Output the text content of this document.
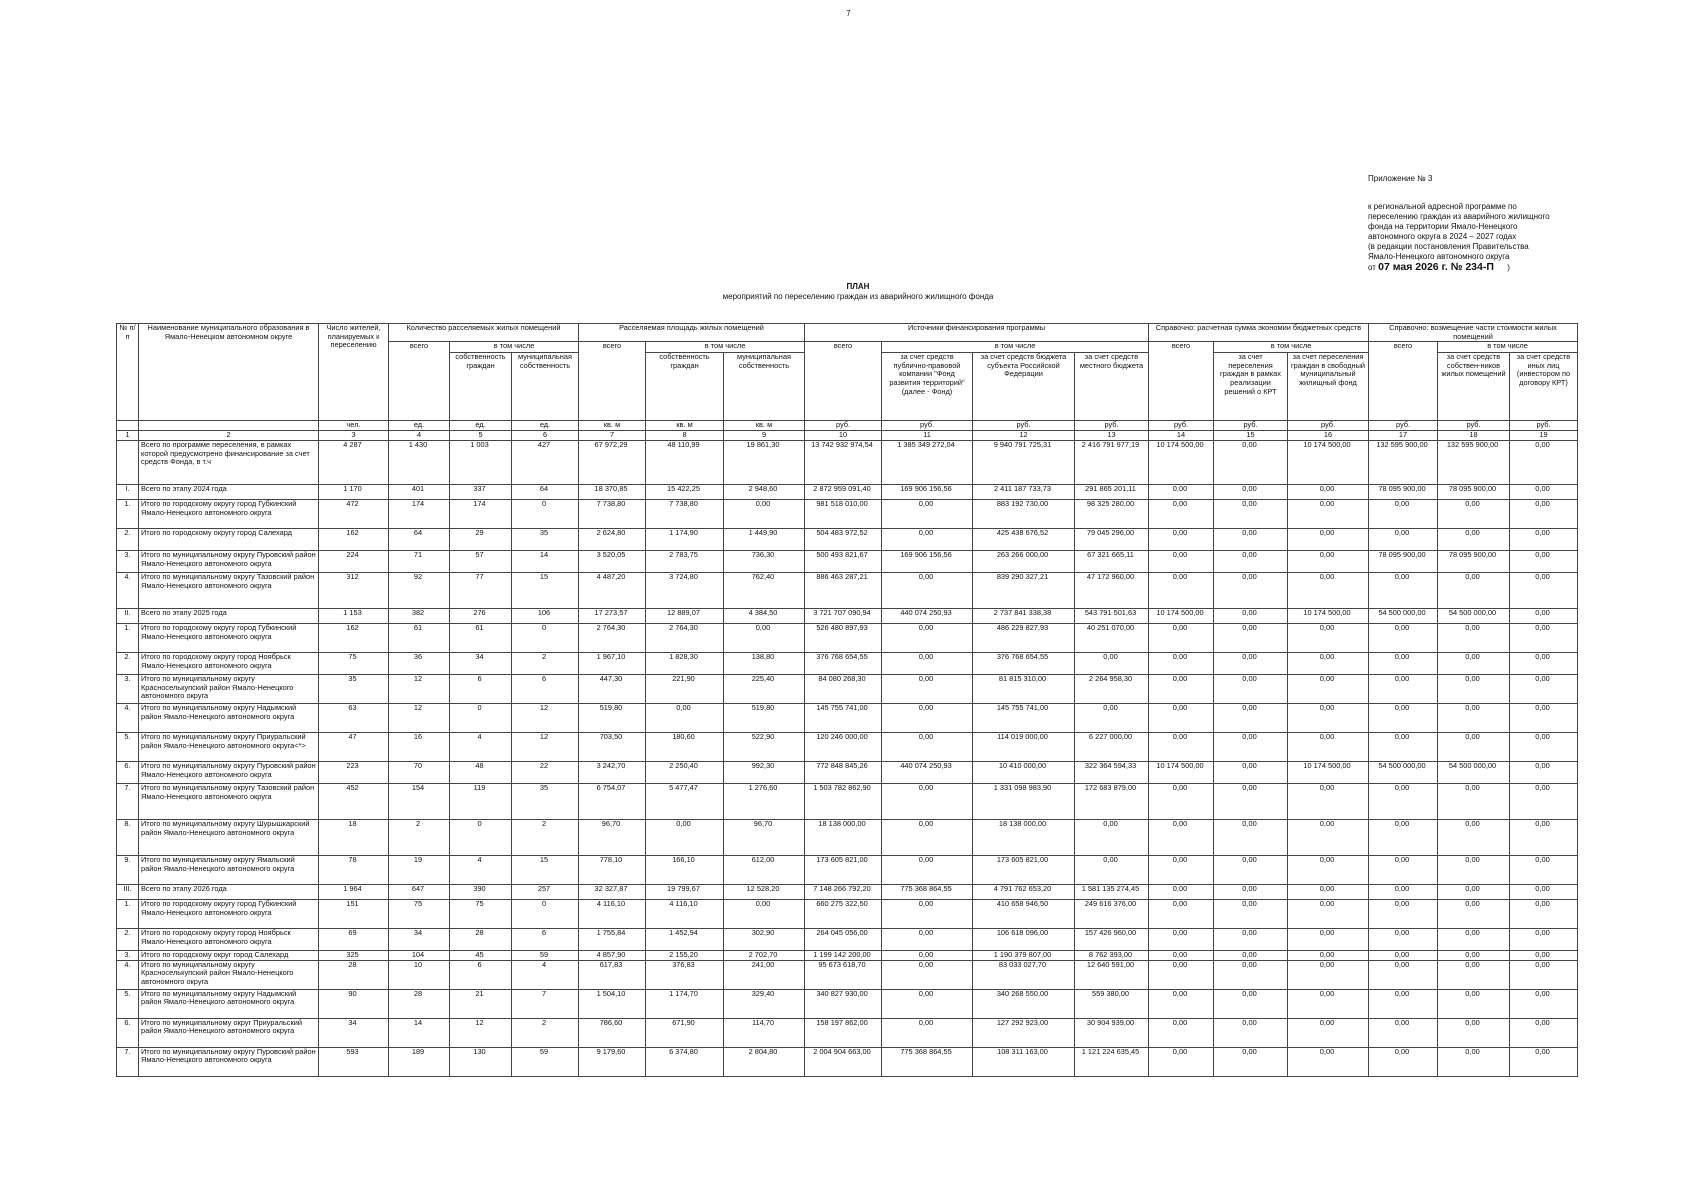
7
Приложение № 3
к региональной адресной программе по
переселению граждан из аварийного жилищного
фонда на территории Ямало-Ненецкого
автономного округа в 2024 – 2027 годах
(в редакции постановления Правительства
Ямало-Ненецкого автономного округа
от 07 мая 2026 г. № 234-П )
ПЛАН
мероприятий по переселению граждан из аварийного жилищного фонда
№ п/п	Наименование муниципального образования в Ямало-Ненецком автономном округе	Число жителей, планируемых к переселению	Количество расселяемых жилых помещений			Расселяемая площадь жилых помещений			Источники финансирования программы				Справочно: расчетная сумма экономии бюджетных средств			Справочно: возмещение части стоимости жилых помещений		
			всего	в том числе		всего	в том числе		всего	в том числе			всего	в том числе		всего	в том числе	
				собственность граждан	муниципальная собственность		собственность граждан	муниципальная собственность		за счет средств публично-правовой компании "Фонд развития территорий" (далее - Фонд)	за счет средств бюджета субъекта Российской Федерации	за счет средств местного бюджета		за счет переселения граждан в рамках реализации решений о КРТ	за счет переселения граждан в свободный муниципальный жилищный фонд		за счет средств собствен-ников жилых помещений	за счет средств иных лиц (инвестором по договору КРТ)
		чел.	ед.	ед.	ед.	кв. м	кв. м	кв. м	руб.	руб.	руб.	руб.	руб.	руб.	руб.	руб.	руб.	руб.
1	2	3	4	5	6	7	8	9	10	11	12	13	14	15	16	17	18	19
	Всего по программе переселения, в рамках которой предусмотрено финансирование за счет средств Фонда, в т.ч	4 287	1 430	1 003	427	67 972,29	48 110,99	19 861,30	13 742 932 974,54	1 385 349 272,04	9 940 791 725,31	2 416 791 977,19	10 174 500,00	0,00	10 174 500,00	132 595 900,00	132 595 900,00	0,00
I.	Всего по этапу 2024 года	1 170	401	337	64	18 370,85	15 422,25	2 948,60	2 872 959 091,40	169 906 156,56	2 411 187 733,73	291 865 201,11	0,00	0,00	0,00	78 095 900,00	78 095 900,00	0,00
1.	Итого по городскому округу город Губкинский Ямало-Ненецкого автономного округа	472	174	174	0	7 738,80	7 738,80	0,00	981 518 010,00	0,00	883 192 730,00	98 325 280,00	0,00	0,00	0,00	0,00	0,00	0,00
2.	Итого по городскому округу город Салехард	162	64	29	35	2 624,80	1 174,90	1 449,90	504 483 972,52	0,00	425 438 676,52	79 045 296,00	0,00	0,00	0,00	0,00	0,00	0,00
3.	Итого по муниципальному округу Пуровский район Ямало-Ненецкого автономного округа	224	71	57	14	3 520,05	2 783,75	736,30	500 493 821,67	169 906 156,56	263 266 000,00	67 321 665,11	0,00	0,00	0,00	78 095 900,00	78 095 900,00	0,00
4.	Итого по муниципальному округу Тазовский район Ямало-Ненецкого автономного округа	312	92	77	15	4 487,20	3 724,80	762,40	886 463 287,21	0,00	839 290 327,21	47 172 960,00	0,00	0,00	0,00	0,00	0,00	0,00
II.	Всего по этапу 2025 года	1 153	382	276	106	17 273,57	12 889,07	4 384,50	3 721 707 090,94	440 074 250,93	2 737 841 338,38	543 791 501,63	10 174 500,00	0,00	10 174 500,00	54 500 000,00	54 500 000,00	0,00
1.	Итого по городскому округу город Губкинский Ямало-Ненецкого автономного округа	162	61	61	0	2 764,30	2 764,30	0,00	526 480 897,93	0,00	486 229 827,93	40 251 070,00	0,00	0,00	0,00	0,00	0,00	0,00
2.	Итого по городскому округу город Ноябрьск Ямало-Ненецкого автономного округа	75	36	34	2	1 967,10	1 828,30	138,80	376 768 654,55	0,00	376 768 654,55	0,00	0,00	0,00	0,00	0,00	0,00	0,00
3.	Итого по муниципальному округу Красноселькупский район Ямало-Ненецкого автономного округа	35	12	6	6	447,30	221,90	225,40	84 080 268,30	0,00	81 815 310,00	2 264 958,30	0,00	0,00	0,00	0,00	0,00	0,00
4.	Итого по муниципальному округу Надымский район Ямало-Ненецкого автономного округа	63	12	0	12	519,80	0,00	519,80	145 755 741,00	0,00	145 755 741,00	0,00	0,00	0,00	0,00	0,00	0,00	0,00
5.	Итого по муниципальному округу Приуральский район Ямало-Ненецкого автономного округа<*>	47	16	4	12	703,50	180,60	522,90	120 246 000,00	0,00	114 019 000,00	6 227 000,00	0,00	0,00	0,00	0,00	0,00	0,00
6.	Итого по муниципальному округу Пуровский район Ямало-Ненецкого автономного округа	223	70	48	22	3 242,70	2 250,40	992,30	772 848 845,26	440 074 250,93	10 410 000,00	322 364 594,33	10 174 500,00	0,00	10 174 500,00	54 500 000,00	54 500 000,00	0,00
7.	Итого по муниципальному округу Тазовский район Ямало-Ненецкого автономного округа	452	154	119	35	6 754,07	5 477,47	1 276,60	1 503 782 862,90	0,00	1 331 098 983,90	172 683 879,00	0,00	0,00	0,00	0,00	0,00	0,00
8.	Итого по муниципальному округу Шурышкарский район Ямало-Ненецкого автономного округа	18	2	0	2	96,70	0,00	96,70	18 138 000,00	0,00	18 138 000,00	0,00	0,00	0,00	0,00	0,00	0,00	0,00
9.	Итого по муниципальному округу Ямальский район Ямало-Ненецкого автономного округа	78	19	4	15	778,10	166,10	612,00	173 605 821,00	0,00	173 605 821,00	0,00	0,00	0,00	0,00	0,00	0,00	0,00
III.	Всего по этапу 2026 года	1 964	647	390	257	32 327,87	19 799,67	12 528,20	7 148 266 792,20	775 368 864,55	4 791 762 653,20	1 581 135 274,45	0,00	0,00	0,00	0,00	0,00	0,00
1.	Итого по городскому округу город Губкинский Ямало-Ненецкого автономного округа	151	75	75	0	4 116,10	4 116,10	0,00	660 275 322,50	0,00	410 658 946,50	249 616 376,00	0,00	0,00	0,00	0,00	0,00	0,00
2.	Итого по городскому округу город Ноябрьск Ямало-Ненецкого автономного округа	69	34	28	6	1 755,84	1 452,94	302,90	264 045 056,00	0,00	106 618 096,00	157 426 960,00	0,00	0,00	0,00	0,00	0,00	0,00
3.	Итого по городскому округ город Салехард	325	104	45	59	4 857,90	2 155,20	2 702,70	1 199 142 200,00	0,00	1 190 379 807,00	8 762 393,00	0,00	0,00	0,00	0,00	0,00	0,00
4.	Итого по муниципальному округу Красноселькупский район Ямало-Ненецкого автономного округа	28	10	6	4	617,83	376,83	241,00	95 673 618,70	0,00	83 033 027,70	12 640 591,00	0,00	0,00	0,00	0,00	0,00	0,00
5.	Итого по муниципальному округу Надымский район Ямало-Ненецкого автономного округа	90	28	21	7	1 504,10	1 174,70	329,40	340 827 930,00	0,00	340 268 550,00	559 380,00	0,00	0,00	0,00	0,00	0,00	0,00
6.	Итого по муниципальному округ Приуральский район Ямало-Ненецкого автономного округа	34	14	12	2	786,60	671,90	114,70	158 197 862,00	0,00	127 292 923,00	30 904 939,00	0,00	0,00	0,00	0,00	0,00	0,00
7.	Итого по муниципальному округу Пуровский район Ямало-Ненецкого автономного округа	593	189	130	59	9 179,60	6 374,80	2 804,80	2 004 904 663,00	775 368 864,55	108 311 163,00	1 121 224 635,45	0,00	0,00	0,00	0,00	0,00	0,00
